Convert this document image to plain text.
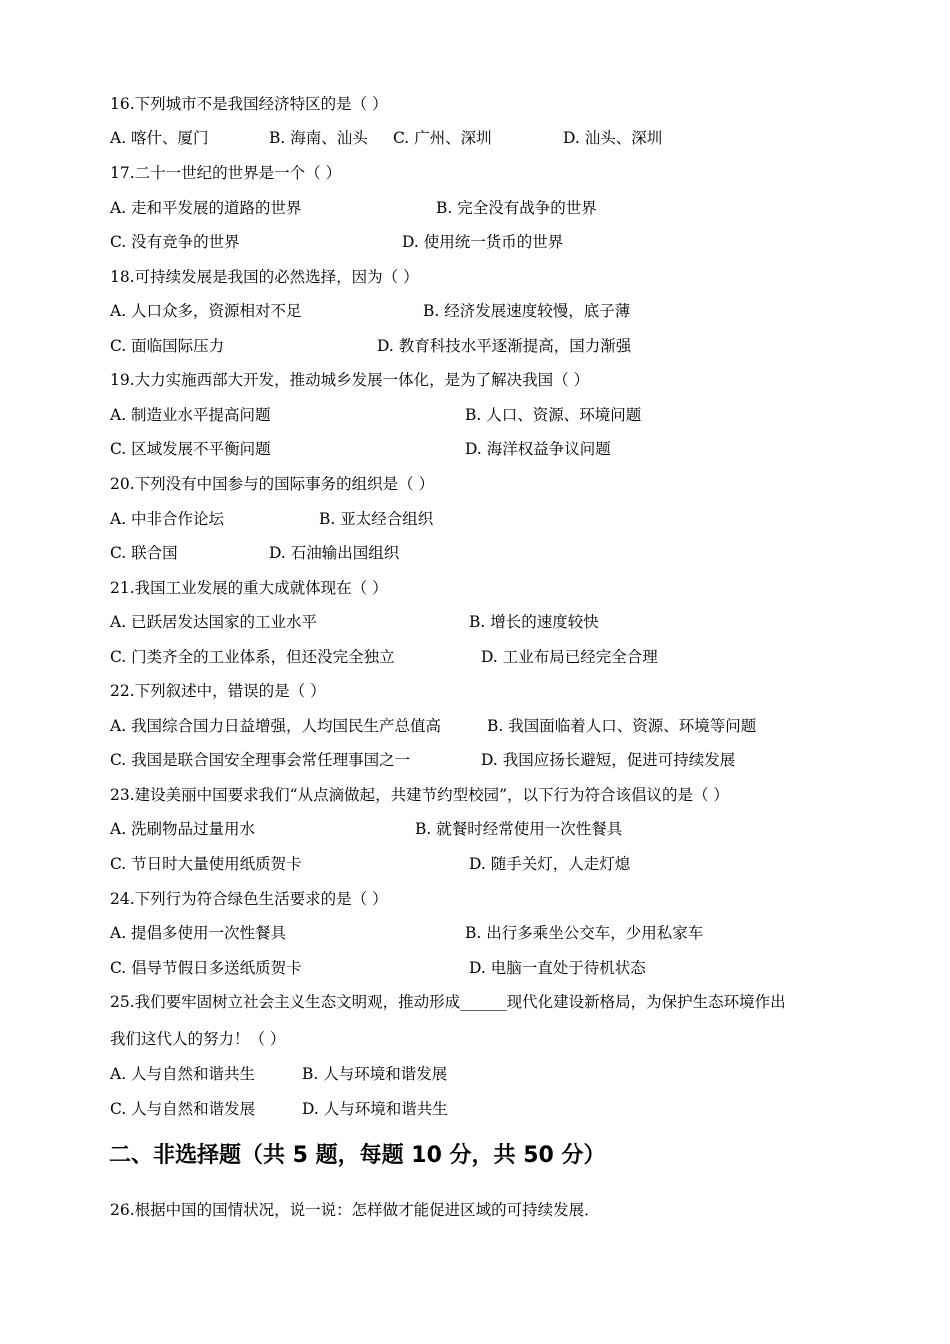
16.下列城市不是我国经济特区的是（ ）
A. 喀什、厦门	B. 海南、汕头 C. 广州、深圳	D. 汕头、深圳
17.二十一世纪的世界是一个（ ）
A. 走和平发展的道路的世界	B. 完全没有战争的世界
C. 没有竞争的世界	D. 使用统一货币的世界
18.可持续发展是我国的必然选择，因为（ ）
A. 人口众多，资源相对不足	B. 经济发展速度较慢，底子薄
C. 面临国际压力	D. 教育科技水平逐渐提高，国力渐强
19.大力实施西部大开发，推动城乡发展一体化，是为了解决我国（ ）
A. 制造业水平提高问题	B. 人口、资源、环境问题
C. 区域发展不平衡问题	D. 海洋权益争议问题
20.下列没有中国参与的国际事务的组织是（ ）
A. 中非合作论坛	B. 亚太经合组织
C. 联合国	D. 石油输出国组织
21.我国工业发展的重大成就体现在（ ）
A. 已跃居发达国家的工业水平	B. 增长的速度较快
C. 门类齐全的工业体系，但还没完全独立	D. 工业布局已经完全合理
22.下列叙述中，错误的是（ ）
A. 我国综合国力日益增强，人均国民生产总值高	B. 我国面临着人口、资源、环境等问题
C. 我国是联合国安全理事会常任理事国之一	D. 我国应扬长避短，促进可持续发展
23.建设美丽中国要求我们“从点滴做起，共建节约型校园”，以下行为符合该倡议的是（ ）
A. 洗刷物品过量用水	B. 就餐时经常使用一次性餐具
C. 节日时大量使用纸质贺卡	D. 随手关灯，人走灯熄
24.下列行为符合绿色生活要求的是（ ）
A. 提倡多使用一次性餐具	B. 出行多乘坐公交车，少用私家车
C. 倡导节假日多送纸质贺卡	D. 电脑一直处于待机状态
25.我们要牢固树立社会主义生态文明观，推动形成______现代化建设新格局，为保护生态环境作出
我们这代人的努力！（ ）
A. 人与自然和谐共生	B. 人与环境和谐发展
C. 人与自然和谐发展	D. 人与环境和谐共生
二、非选择题（共 5 题，每题 10 分，共 50 分）
26.根据中国的国情状况，说一说：怎样做才能促进区域的可持续发展．
